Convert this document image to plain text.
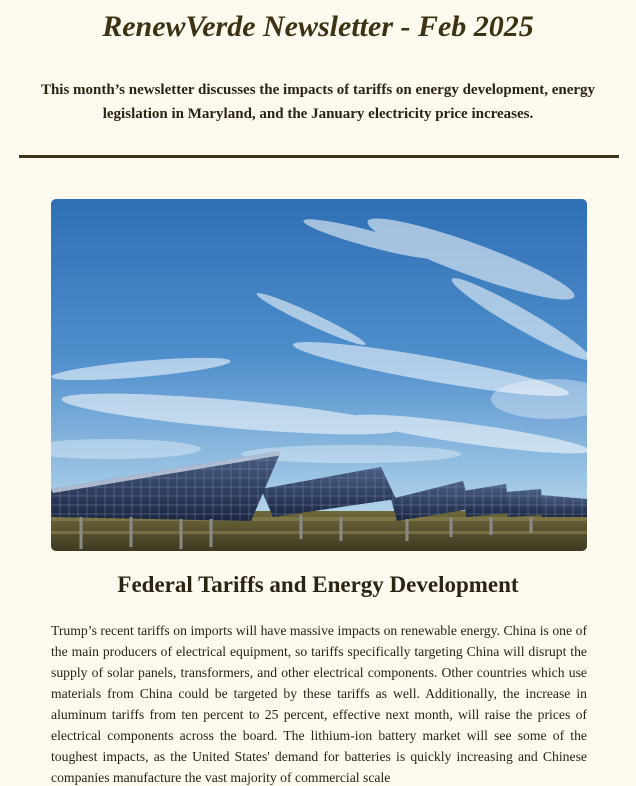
RenewVerde Newsletter - Feb 2025

This month’s newsletter discusses the impacts of tariffs on energy development, energy legislation in Maryland, and the January electricity price increases.

Federal Tariffs and Energy Development

Trump’s recent tariffs on imports will have massive impacts on renewable energy. China is one of the main producers of electrical equipment, so tariffs specifically targeting China will disrupt the supply of solar panels, transformers, and other electrical components. Other countries which use materials from China could be targeted by these tariffs as well. Additionally, the increase in aluminum tariffs from ten percent to 25 percent, effective next month, will raise the prices of electrical components across the board. The lithium-ion battery market will see some of the toughest impacts, as the United States' demand for batteries is quickly increasing and Chinese companies manufacture the vast majority of commercial scale
